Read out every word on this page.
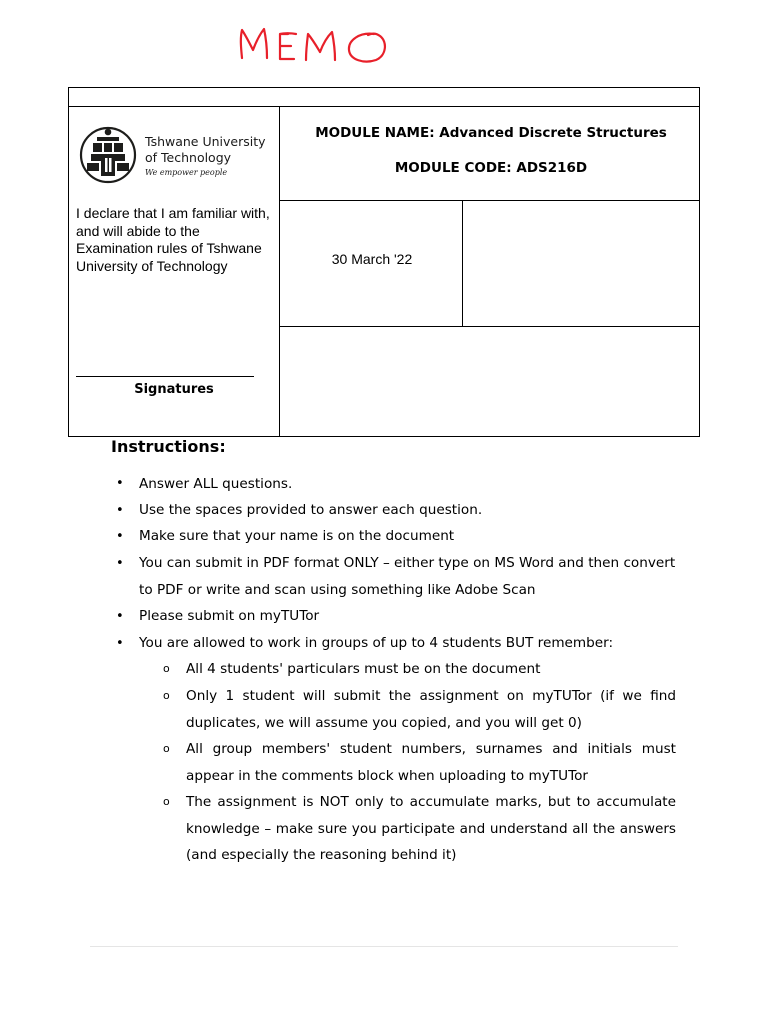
Tshwane University
of Technology
We empower people
I declare that I am familiar with, and will abide to the Examination rules of Tshwane University of Technology
Signatures
MODULE NAME: Advanced Discrete Structures
MODULE CODE: ADS216D
30 March '22
Instructions:
• Answer ALL questions.
• Use the spaces provided to answer each question.
• Make sure that your name is on the document
• You can submit in PDF format ONLY – either type on MS Word and then convert to PDF or write and scan using something like Adobe Scan
• Please submit on myTUTor
• You are allowed to work in groups of up to 4 students BUT remember:
o All 4 students' particulars must be on the document
o Only 1 student will submit the assignment on myTUTor (if we find duplicates, we will assume you copied, and you will get 0)
o All group members' student numbers, surnames and initials must appear in the comments block when uploading to myTUTor
o The assignment is NOT only to accumulate marks, but to accumulate knowledge – make sure you participate and understand all the answers (and especially the reasoning behind it)
